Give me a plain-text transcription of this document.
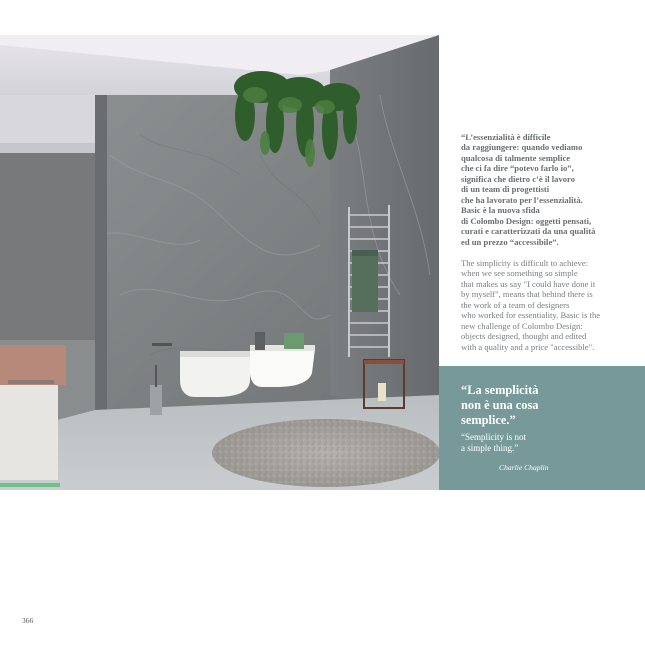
“L’essenzialità è difficile
da raggiungere: quando vediamo
qualcosa di talmente semplice
che ci fa dire “potevo farlo io”,
significa che dietro c’è il lavoro
di un team di progettisti
che ha lavorato per l’essenzialità.
Basic è la nuova sfida
di Colombo Design: oggetti pensati,
curati e caratterizzati da una qualità
ed un prezzo “accessibile”.

The simplicity is difficult to achieve:
when we see something so simple
that makes us say "I could have done it
by myself", means that behind there is
the work of a team of designers
who worked for essentiality. Basic is the
new challenge of Colombo Design:
objects designed, thought and edited
with a quality and a price "accessible".

“La semplicità
non è una cosa
semplice.”

“Semplicity is not
a simple thing.”

Charlie Chaplin

366
